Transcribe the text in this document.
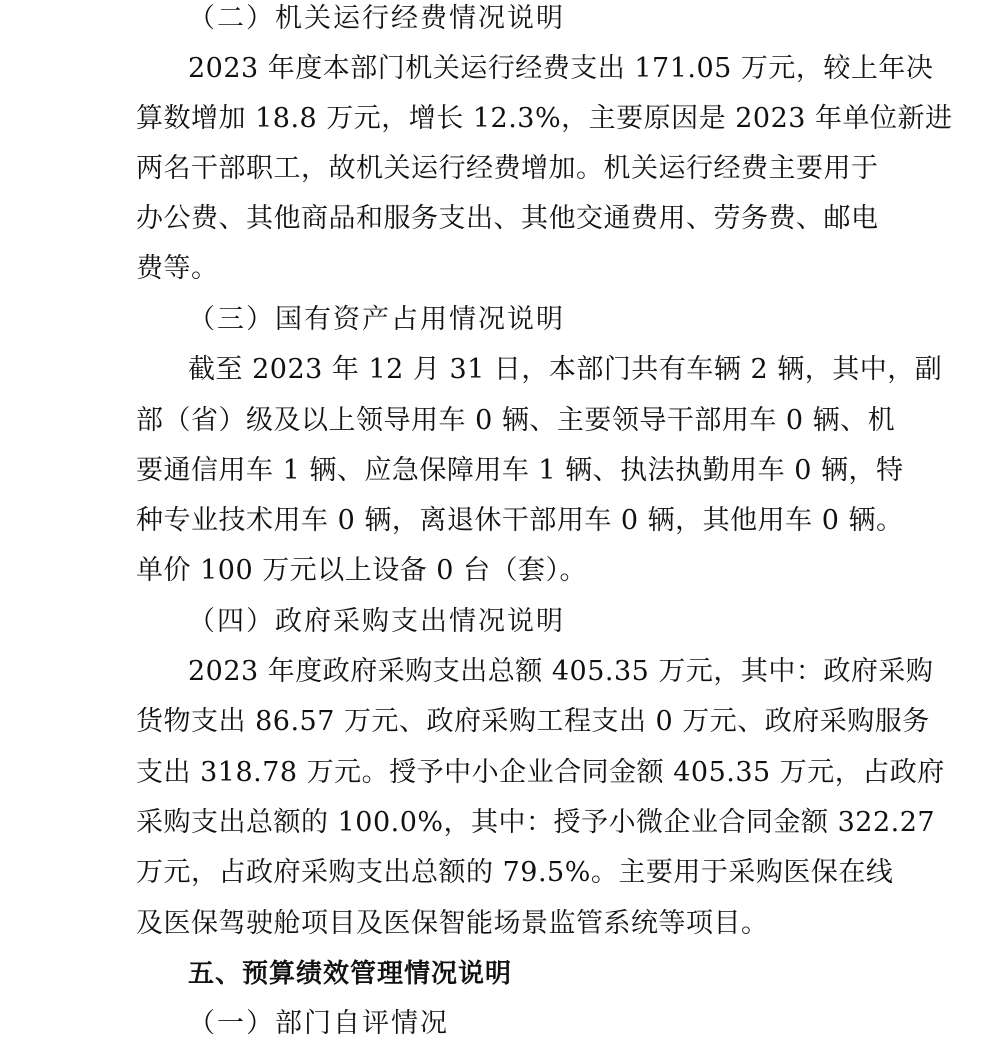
（二）机关运行经费情况说明
2023 年度本部门机关运行经费支出 171.05 万元，较上年决
算数增加 18.8 万元，增长 12.3%，主要原因是 2023 年单位新进
两名干部职工，故机关运行经费增加。机关运行经费主要用于
办公费、其他商品和服务支出、其他交通费用、劳务费、邮电
费等。
（三）国有资产占用情况说明
截至 2023 年 12 月 31 日，本部门共有车辆 2 辆，其中，副
部（省）级及以上领导用车 0 辆、主要领导干部用车 0 辆、机
要通信用车 1 辆、应急保障用车 1 辆、执法执勤用车 0 辆，特
种专业技术用车 0 辆，离退休干部用车 0 辆，其他用车 0 辆。
单价 100 万元以上设备 0 台（套）。
（四）政府采购支出情况说明
2023 年度政府采购支出总额 405.35 万元，其中：政府采购
货物支出 86.57 万元、政府采购工程支出 0 万元、政府采购服务
支出 318.78 万元。授予中小企业合同金额 405.35 万元，占政府
采购支出总额的 100.0%，其中：授予小微企业合同金额 322.27
万元，占政府采购支出总额的 79.5%。主要用于采购医保在线
及医保驾驶舱项目及医保智能场景监管系统等项目。
五、预算绩效管理情况说明
（一）部门自评情况
